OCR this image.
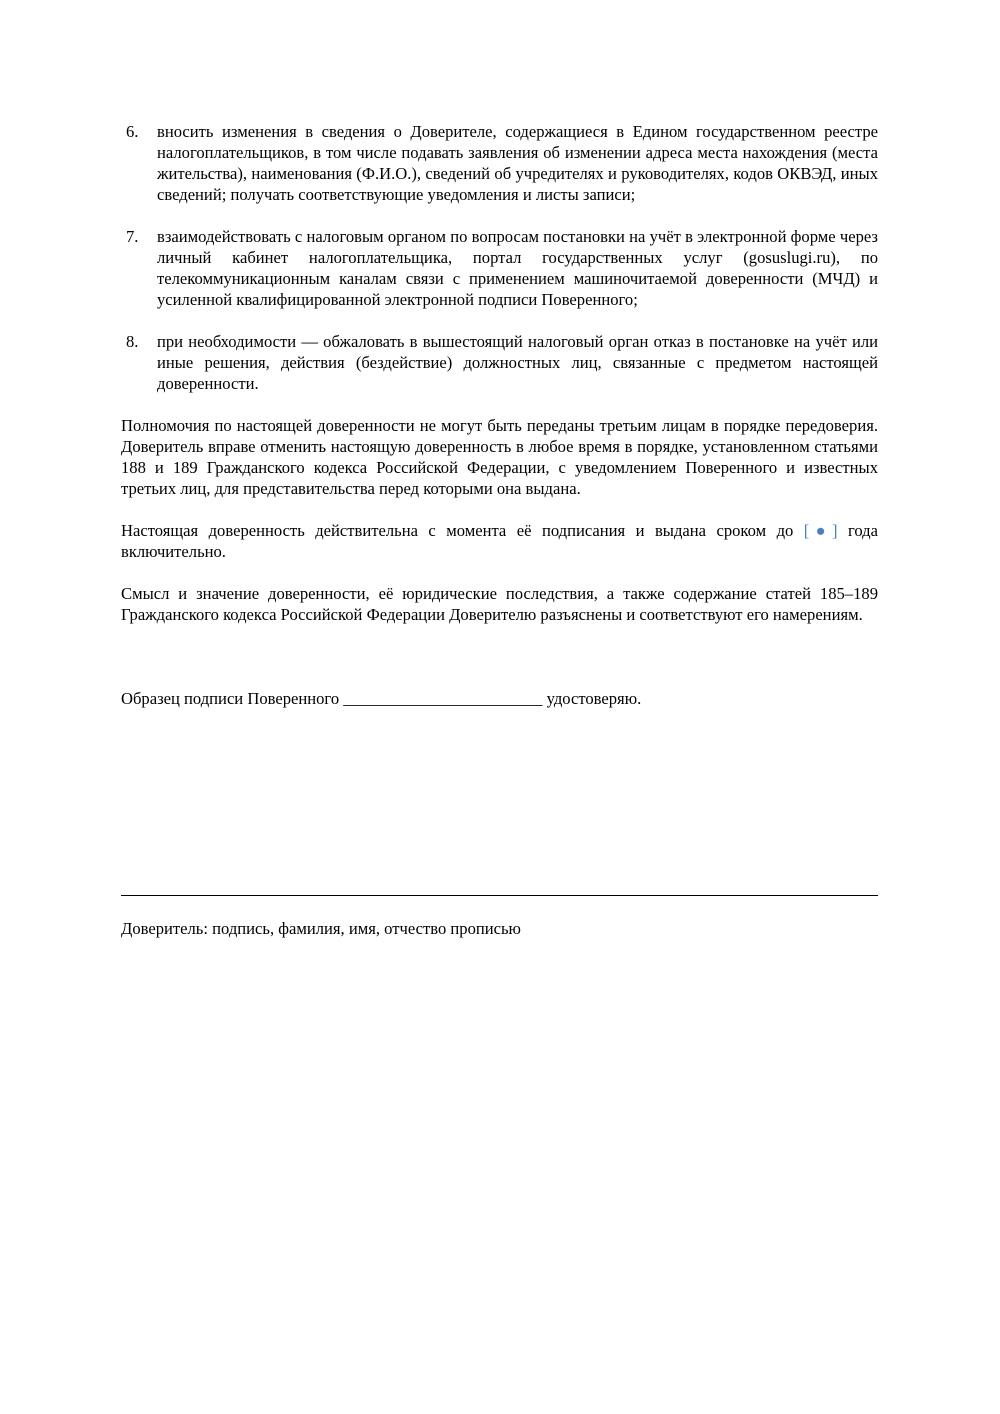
6. вносить изменения в сведения о Доверителе, содержащиеся в Едином государственном реестре налогоплательщиков, в том числе подавать заявления об изменении адреса места нахождения (места жительства), наименования (Ф.И.О.), сведений об учредителях и руководителях, кодов ОКВЭД, иных сведений; получать соответствующие уведомления и листы записи;
7. взаимодействовать с налоговым органом по вопросам постановки на учёт в электронной форме через личный кабинет налогоплательщика, портал государственных услуг (gosuslugi.ru), по телекоммуникационным каналам связи с применением машиночитаемой доверенности (МЧД) и усиленной квалифицированной электронной подписи Поверенного;
8. при необходимости — обжаловать в вышестоящий налоговый орган отказ в постановке на учёт или иные решения, действия (бездействие) должностных лиц, связанные с предметом настоящей доверенности.

Полномочия по настоящей доверенности не могут быть переданы третьим лицам в порядке передоверия. Доверитель вправе отменить настоящую доверенность в любое время в порядке, установленном статьями 188 и 189 Гражданского кодекса Российской Федерации, с уведомлением Поверенного и известных третьих лиц, для представительства перед которыми она выдана.

Настоящая доверенность действительна с момента её подписания и выдана сроком до [●] года включительно.

Смысл и значение доверенности, её юридические последствия, а также содержание статей 185–189 Гражданского кодекса Российской Федерации Доверителю разъяснены и соответствуют его намерениям.

Образец подписи Поверенного ________________________ удостоверяю.
Доверитель: подпись, фамилия, имя, отчество прописью
